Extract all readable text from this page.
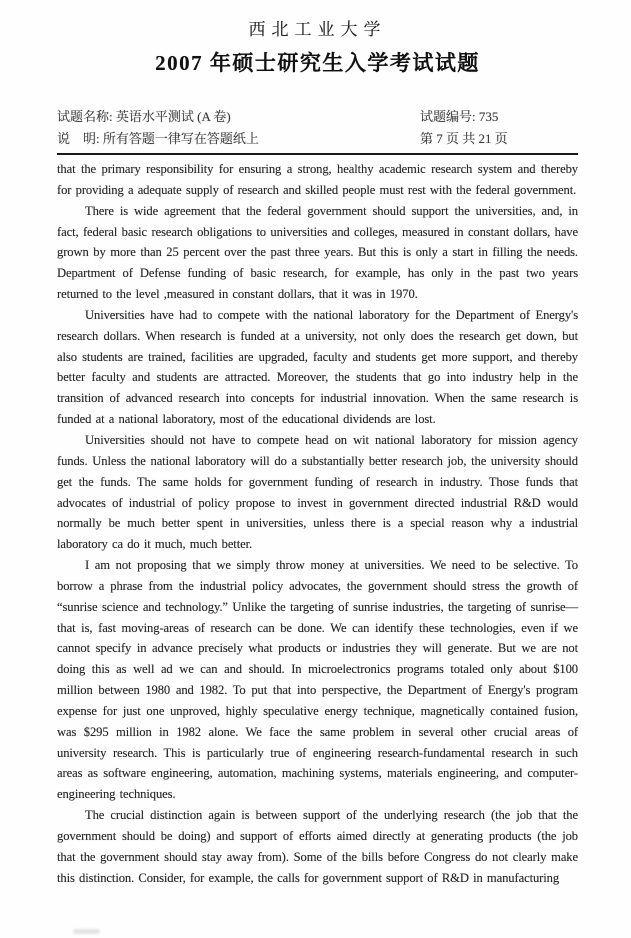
西北工业大学
2007 年硕士研究生入学考试试题
试题名称: 英语水平测试 (A 卷)
说    明: 所有答题一律写在答题纸上
试题编号: 735
第 7 页 共 21 页

that the primary responsibility for ensuring a strong, healthy academic research system and thereby for providing a adequate supply of research and skilled people must rest with the federal government.

There is wide agreement that the federal government should support the universities, and, in fact, federal basic research obligations to universities and colleges, measured in constant dollars, have grown by more than 25 percent over the past three years. But this is only a start in filling the needs. Department of Defense funding of basic research, for example, has only in the past two years returned to the level ,measured in constant dollars, that it was in 1970.

Universities have had to compete with the national laboratory for the Department of Energy's research dollars. When research is funded at a university, not only does the research get down, but also students are trained, facilities are upgraded, faculty and students get more support, and thereby better faculty and students are attracted. Moreover, the students that go into industry help in the transition of advanced research into concepts for industrial innovation. When the same research is funded at a national laboratory, most of the educational dividends are lost.

Universities should not have to compete head on wit national laboratory for mission agency funds. Unless the national laboratory will do a substantially better research job, the university should get the funds. The same holds for government funding of research in industry. Those funds that advocates of industrial of policy propose to invest in government directed industrial R&D would normally be much better spent in universities, unless there is a special reason why a industrial laboratory ca do it much, much better.

I am not proposing that we simply throw money at universities. We need to be selective. To borrow a phrase from the industrial policy advocates, the government should stress the growth of “sunrise science and technology.” Unlike the targeting of sunrise industries, the targeting of sunrise—that is, fast moving-areas of research can be done. We can identify these technologies, even if we cannot specify in advance precisely what products or industries they will generate. But we are not doing this as well ad we can and should. In microelectronics programs totaled only about $100 million between 1980 and 1982. To put that into perspective, the Department of Energy's program expense for just one unproved, highly speculative energy technique, magnetically contained fusion, was $295 million in 1982 alone. We face the same problem in several other crucial areas of university research. This is particularly true of engineering research-fundamental research in such areas as software engineering, automation, machining systems, materials engineering, and computer-engineering techniques.

The crucial distinction again is between support of the underlying research (the job that the government should be doing) and support of efforts aimed directly at generating products (the job that the government should stay away from). Some of the bills before Congress do not clearly make this distinction. Consider, for example, the calls for government support of R&D in manufacturing
